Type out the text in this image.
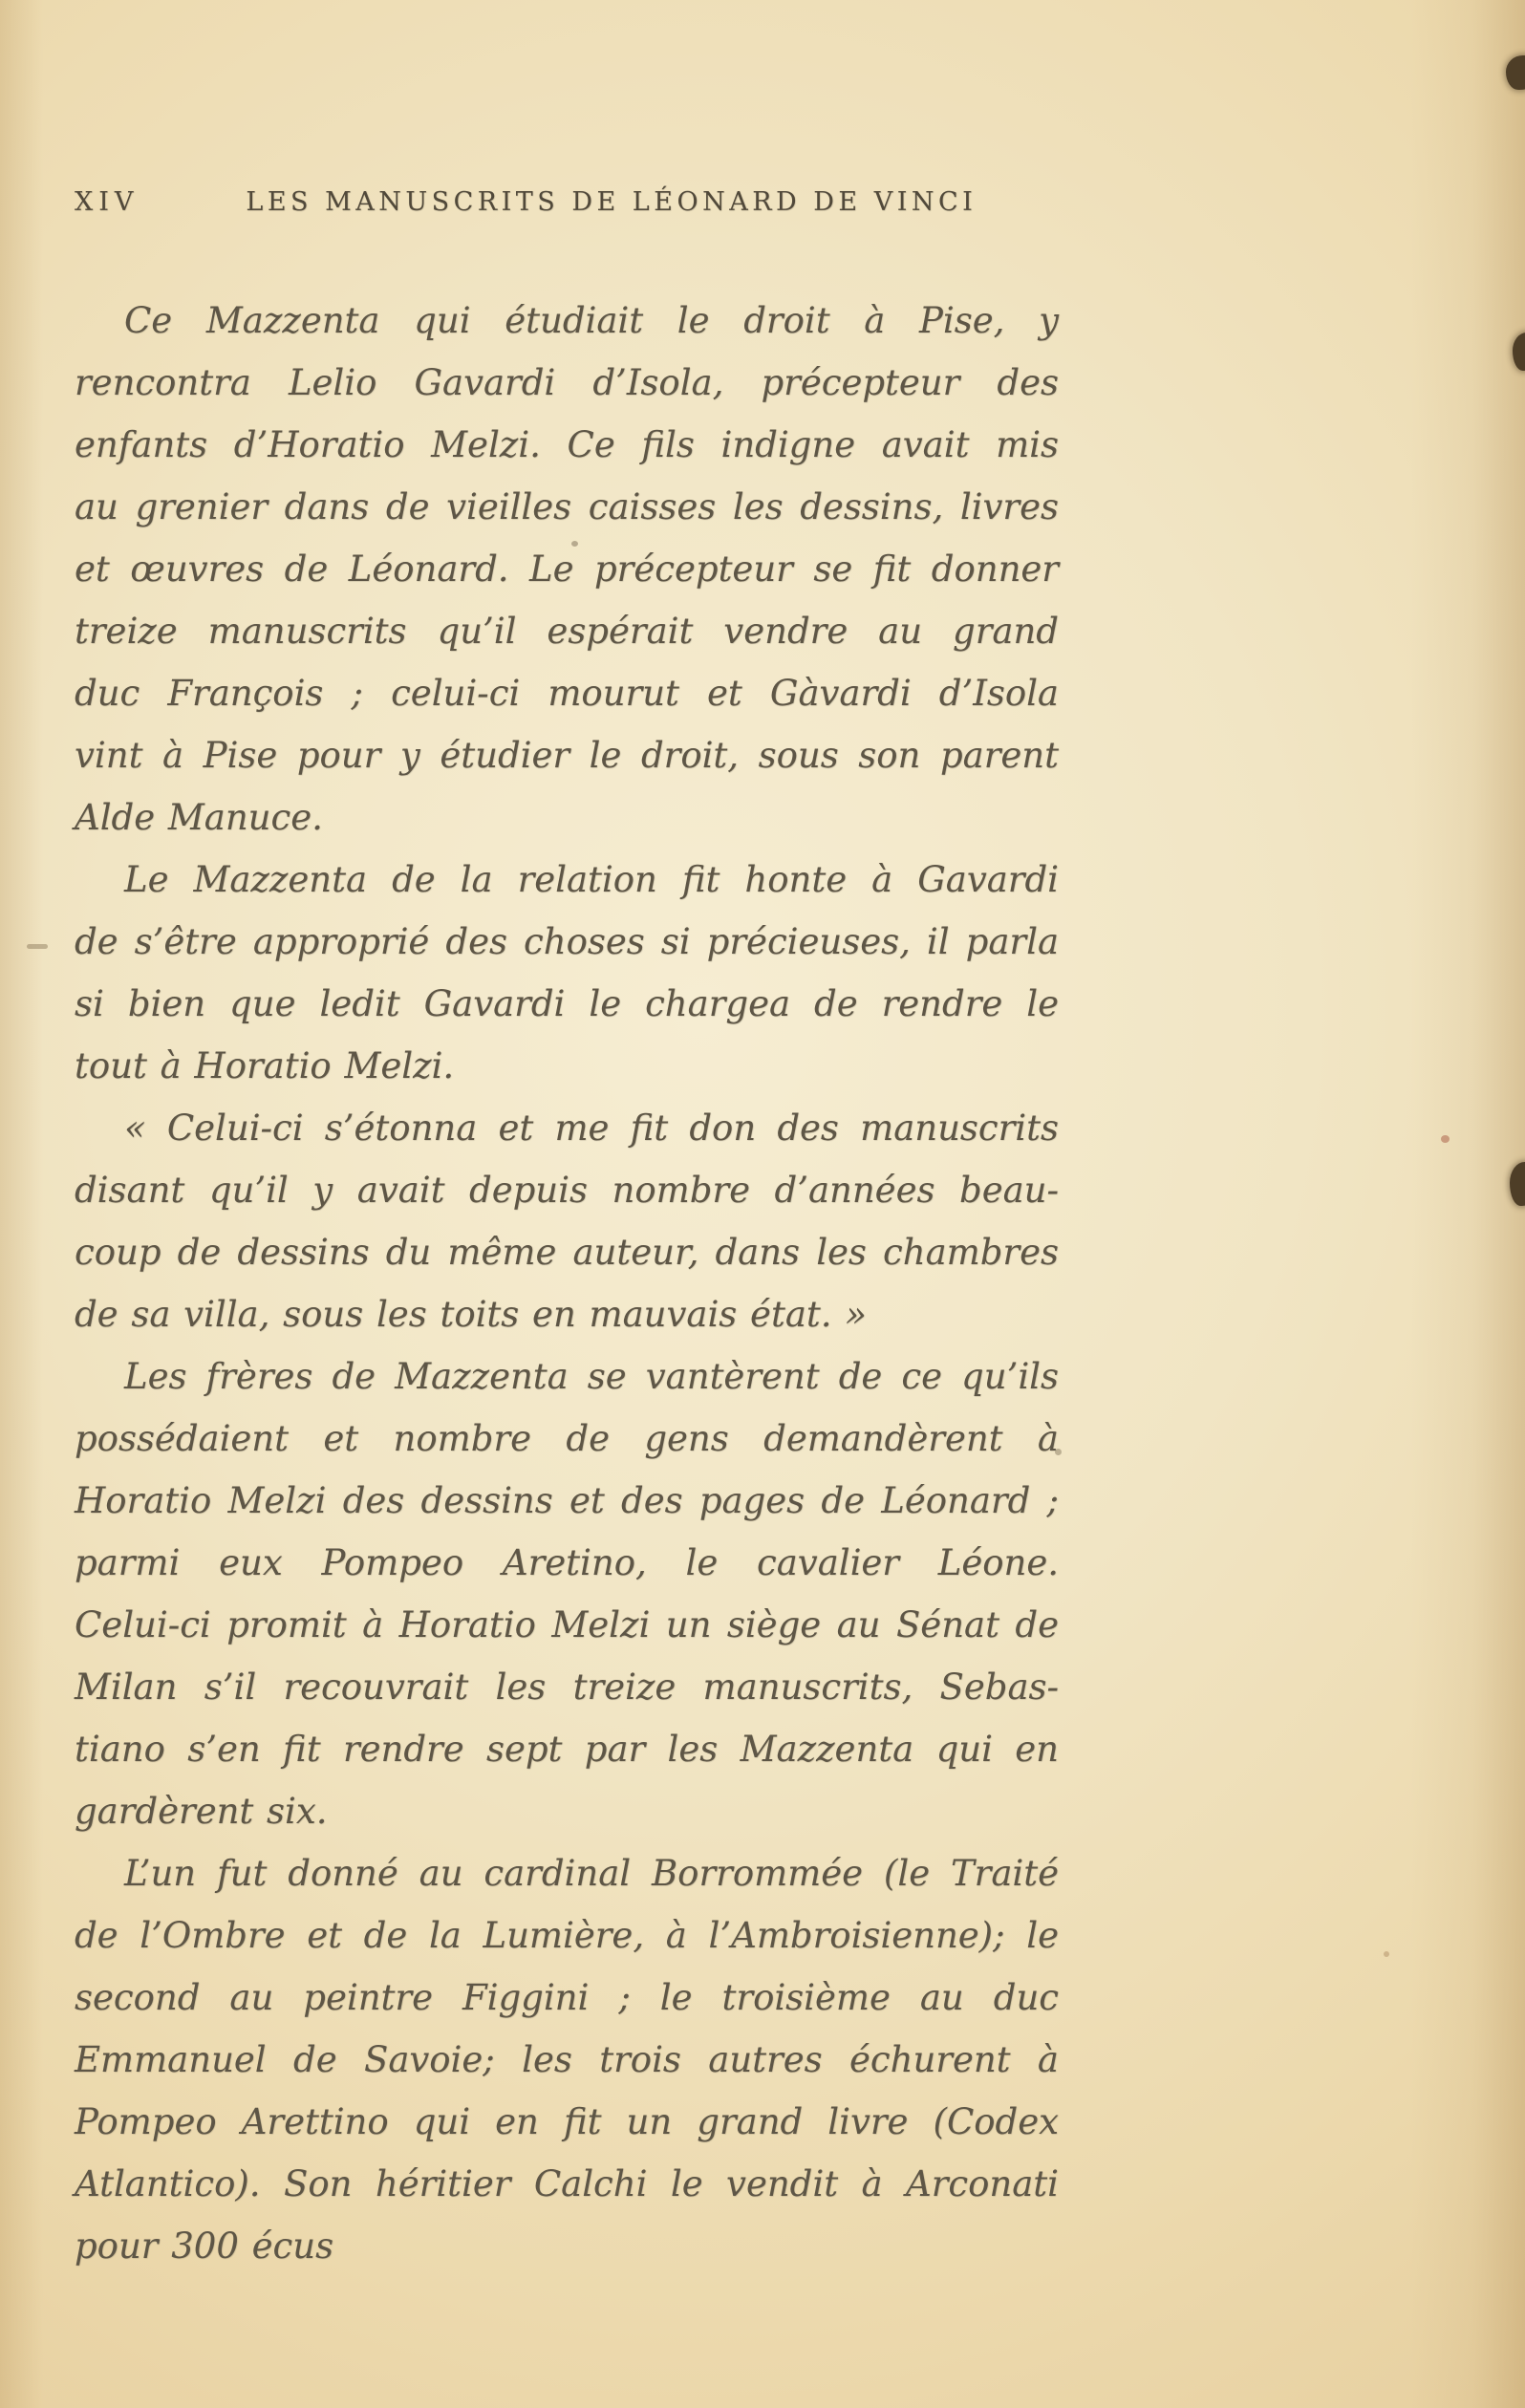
XIV	LES MANUSCRITS DE LÉONARD DE VINCI
Ce Mazzenta qui étudiait le droit à Pise, y
rencontra Lelio Gavardi d’Isola, précepteur des
enfants d’Horatio Melzi. Ce fils indigne avait mis
au grenier dans de vieilles caisses les dessins, livres
et œuvres de Léonard. Le précepteur se fit donner
treize manuscrits qu’il espérait vendre au grand
duc François ; celui-ci mourut et Gàvardi d’Isola
vint à Pise pour y étudier le droit, sous son parent
Alde Manuce.
Le Mazzenta de la relation fit honte à Gavardi
de s’être approprié des choses si précieuses, il parla
si bien que ledit Gavardi le chargea de rendre le
tout à Horatio Melzi.
« Celui-ci s’étonna et me fit don des manuscrits
disant qu’il y avait depuis nombre d’années beau-
coup de dessins du même auteur, dans les chambres
de sa villa, sous les toits en mauvais état. »
Les frères de Mazzenta se vantèrent de ce qu’ils
possédaient et nombre de gens demandèrent à
Horatio Melzi des dessins et des pages de Léonard ;
parmi eux Pompeo Aretino, le cavalier Léone.
Celui-ci promit à Horatio Melzi un siège au Sénat de
Milan s’il recouvrait les treize manuscrits, Sebas-
tiano s’en fit rendre sept par les Mazzenta qui en
gardèrent six.
L’un fut donné au cardinal Borrommée (le Traité
de l’Ombre et de la Lumière, à l’Ambroisienne); le
second au peintre Figgini ; le troisième au duc
Emmanuel de Savoie; les trois autres échurent à
Pompeo Arettino qui en fit un grand livre (Codex
Atlantico). Son héritier Calchi le vendit à Arconati
pour 300 écus
